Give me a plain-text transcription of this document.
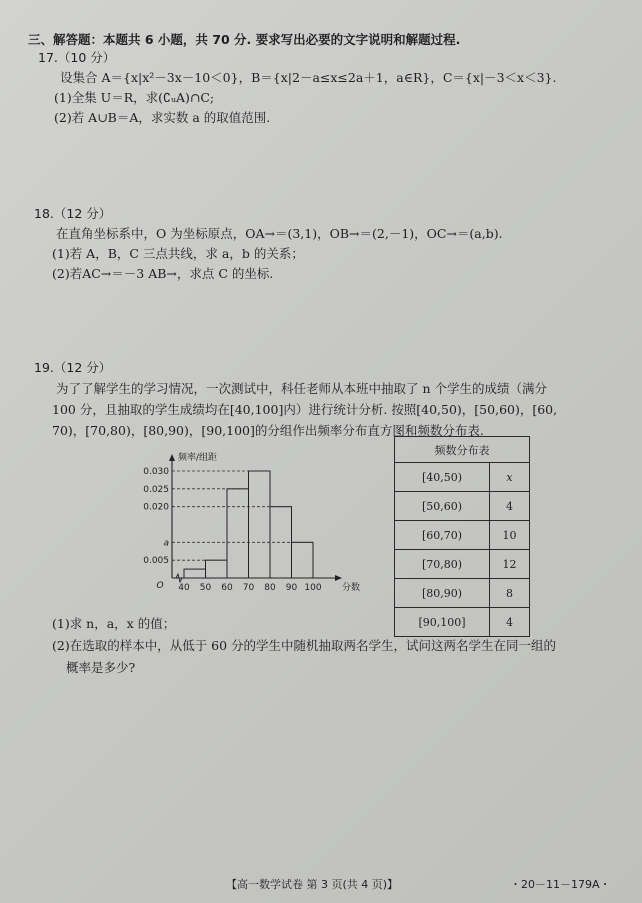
三、解答题：本题共 6 小题，共 70 分. 要求写出必要的文字说明和解题过程.
17.（10 分）
设集合 A＝{x|x²－3x－10＜0}，B＝{x|2－a≤x≤2a＋1，a∈R}，C＝{x|－3＜x＜3}.
(1)全集 U＝R，求(∁ᵤA)∩C;
(2)若 A∪B＝A，求实数 a 的取值范围.
18.（12 分）
在直角坐标系中，O 为坐标原点，OA→＝(3,1)，OB→＝(2,－1)，OC→＝(a,b).
(1)若 A，B，C 三点共线，求 a，b 的关系；
(2)若AC→＝－3 AB→，求点 C 的坐标.
19.（12 分）
为了了解学生的学习情况，一次测试中，科任老师从本班中抽取了 n 个学生的成绩（满分
100 分，且抽取的学生成绩均在[40,100]内）进行统计分析. 按照[40,50)，[50,60)，[60,
70)，[70,80)，[80,90)，[90,100]的分组作出频率分布直方图和频数分布表.
0.030
0.025
0.020
a
0.005
40 50 60 70 80 90 100
O
频率/组距
分数
频数分布表	
[40,50)	x
[50,60)	4
[60,70)	10
[70,80)	12
[80,90)	8
[90,100]	4
(1)求 n，a，x 的值；
(2)在选取的样本中，从低于 60 分的学生中随机抽取两名学生，试问这两名学生在同一组的
概率是多少?
【高一数学试卷 第 3 页(共 4 页)】	・20－11－179A・
